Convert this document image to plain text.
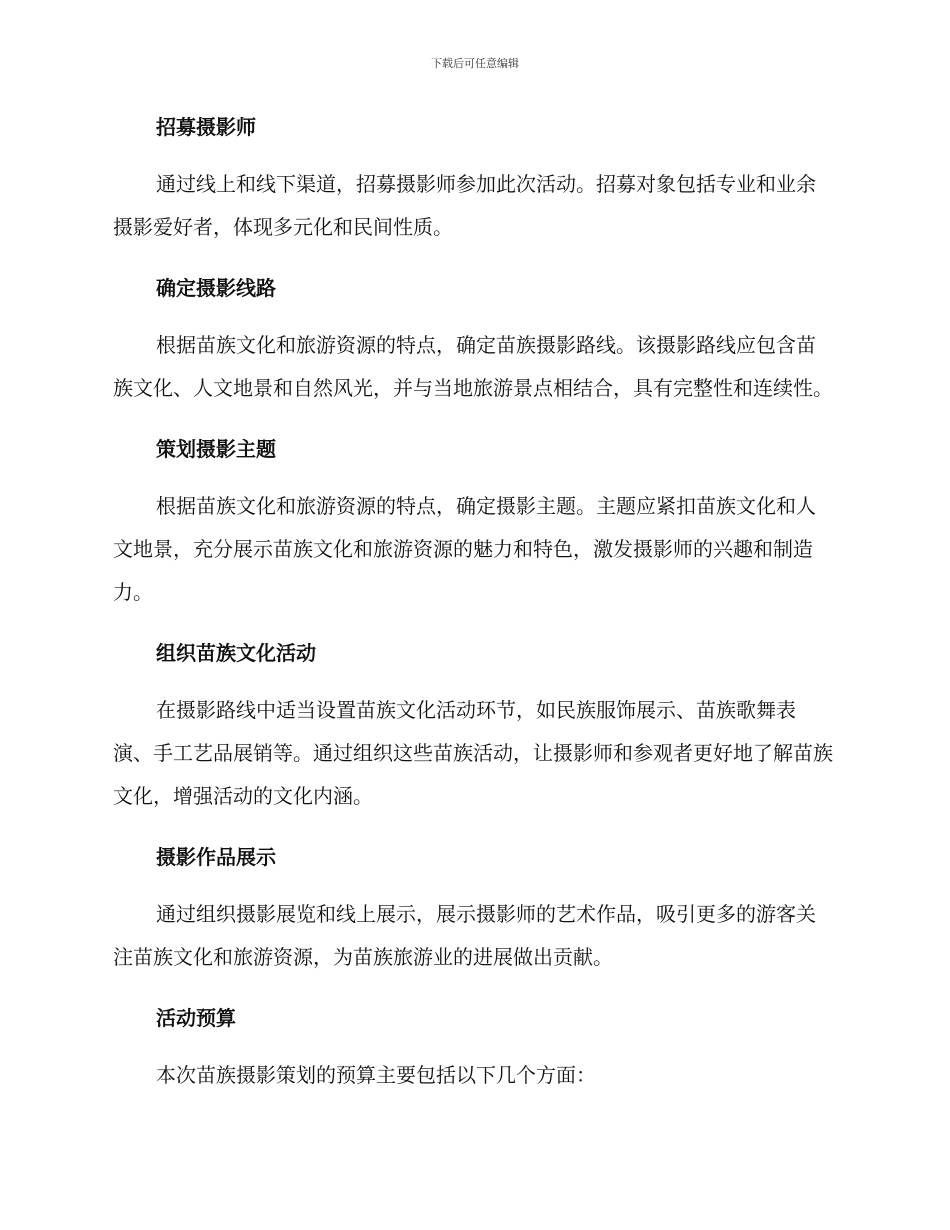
下载后可任意编辑
招募摄影师

通过线上和线下渠道，招募摄影师参加此次活动。招募对象包括专业和业余摄影爱好者，体现多元化和民间性质。

确定摄影线路

根据苗族文化和旅游资源的特点，确定苗族摄影路线。该摄影路线应包含苗族文化、人文地景和自然风光，并与当地旅游景点相结合，具有完整性和连续性。

策划摄影主题

根据苗族文化和旅游资源的特点，确定摄影主题。主题应紧扣苗族文化和人文地景，充分展示苗族文化和旅游资源的魅力和特色，激发摄影师的兴趣和制造力。

组织苗族文化活动

在摄影路线中适当设置苗族文化活动环节，如民族服饰展示、苗族歌舞表演、手工艺品展销等。通过组织这些苗族活动，让摄影师和参观者更好地了解苗族文化，增强活动的文化内涵。

摄影作品展示

通过组织摄影展览和线上展示，展示摄影师的艺术作品，吸引更多的游客关注苗族文化和旅游资源，为苗族旅游业的进展做出贡献。

活动预算

本次苗族摄影策划的预算主要包括以下几个方面：
